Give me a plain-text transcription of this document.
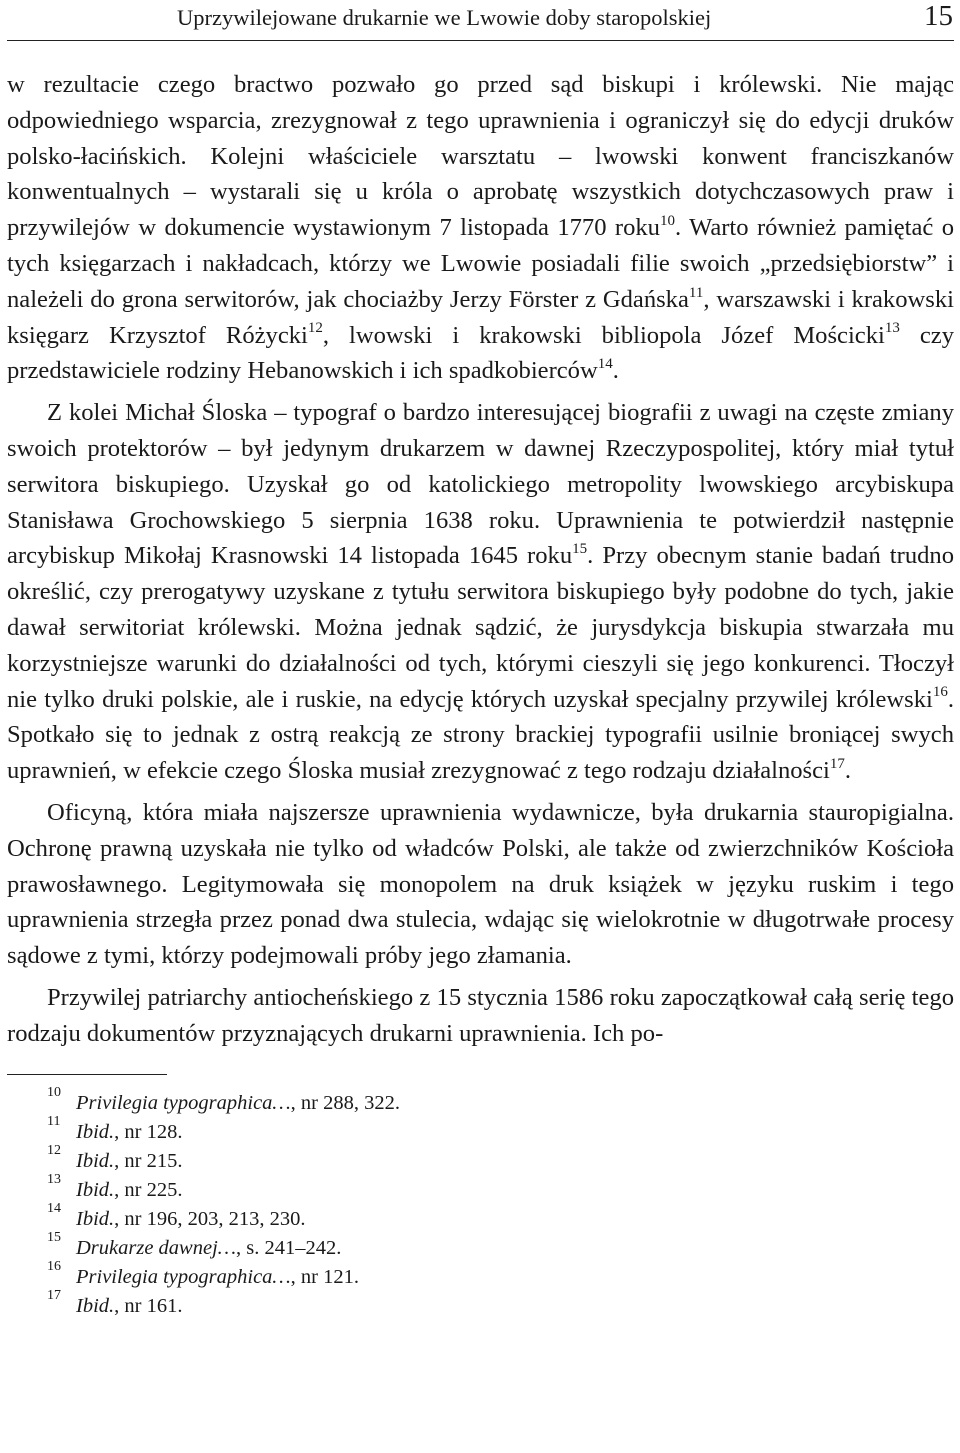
Uprzywilejowane drukarnie we Lwowie doby staropolskiej	15

w rezultacie czego bractwo pozwało go przed sąd biskupi i królewski. Nie mając odpowiedniego wsparcia, zrezygnował z tego uprawnienia i ograniczył się do edycji druków polsko-łacińskich. Kolejni właściciele warsztatu – lwowski konwent franciszkanów konwentualnych – wystarali się u króla o aprobatę wszystkich dotychczasowych praw i przywilejów w dokumencie wystawionym 7 listopada 1770 roku$^{10}$. Warto również pamiętać o tych księgarzach i nakładcach, którzy we Lwowie posiadali filie swoich „przedsiębiorstw” i należeli do grona serwitorów, jak chociażby Jerzy Förster z Gdańska$^{11}$, warszawski i krakowski księgarz Krzysztof Różycki$^{12}$, lwowski i krakowski bibliopola Józef Mościcki$^{13}$ czy przedstawiciele rodziny Hebanowskich i ich spadkobierców$^{14}$.

Z kolei Michał Śloska – typograf o bardzo interesującej biografii z uwagi na częste zmiany swoich protektorów – był jedynym drukarzem w dawnej Rzeczypospolitej, który miał tytuł serwitora biskupiego. Uzyskał go od katolickiego metropolity lwowskiego arcybiskupa Stanisława Grochowskiego 5 sierpnia 1638 roku. Uprawnienia te potwierdził następnie arcybiskup Mikołaj Krasnowski 14 listopada 1645 roku$^{15}$. Przy obecnym stanie badań trudno określić, czy prerogatywy uzyskane z tytułu serwitora biskupiego były podobne do tych, jakie dawał serwitoriat królewski. Można jednak sądzić, że jurysdykcja biskupia stwarzała mu korzystniejsze warunki do działalności od tych, którymi cieszyli się jego konkurenci. Tłoczył nie tylko druki polskie, ale i ruskie, na edycję których uzyskał specjalny przywilej królewski$^{16}$. Spotkało się to jednak z ostrą reakcją ze strony brackiej typografii usilnie broniącej swych uprawnień, w efekcie czego Śloska musiał zrezygnować z tego rodzaju działalności$^{17}$.

Oficyną, która miała najszersze uprawnienia wydawnicze, była drukarnia stauropigialna. Ochronę prawną uzyskała nie tylko od władców Polski, ale także od zwierzchników Kościoła prawosławnego. Legitymowała się monopolem na druk książek w języku ruskim i tego uprawnienia strzegła przez ponad dwa stulecia, wdając się wielokrotnie w długotrwałe procesy sądowe z tymi, którzy podejmowali próby jego złamania.

Przywilej patriarchy antiocheńskiego z 15 stycznia 1586 roku zapoczątkował całą serię tego rodzaju dokumentów przyznających drukarni uprawnienia. Ich po-

10 Privilegia typographica…, nr 288, 322.
11 Ibid., nr 128.
12 Ibid., nr 215.
13 Ibid., nr 225.
14 Ibid., nr 196, 203, 213, 230.
15 Drukarze dawnej…, s. 241–242.
16 Privilegia typographica…, nr 121.
17 Ibid., nr 161.
